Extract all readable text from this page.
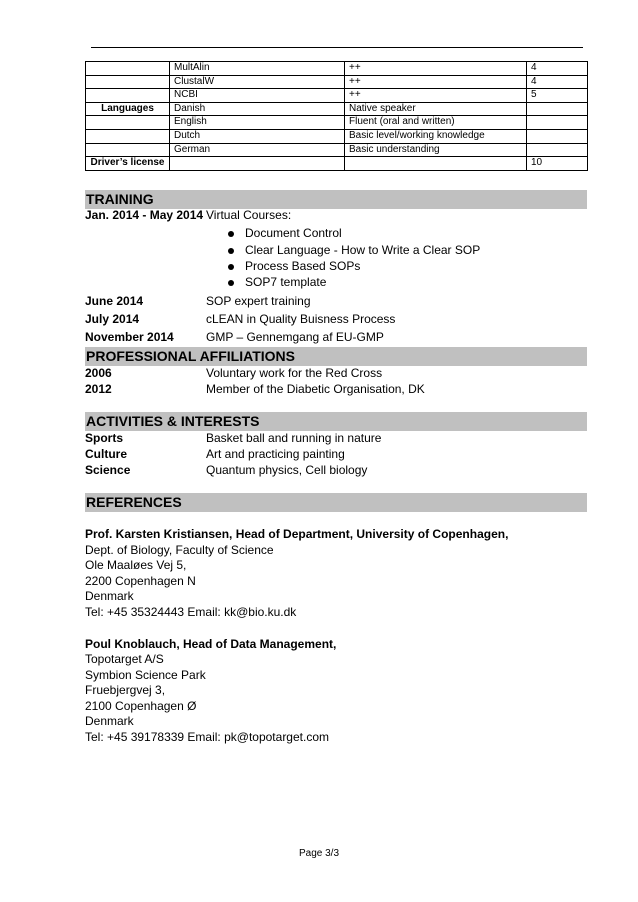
	MultAlin	++	4
	ClustalW	++	4
	NCBI	++	5
Languages	Danish	Native speaker	
	English	Fluent (oral and written)	
	Dutch	Basic level/working knowledge	
	German	Basic understanding	
Driver’s license			10
TRAINING
Jan. 2014 - May 2014 Virtual Courses:
Document Control
Clear Language - How to Write a Clear SOP
Process Based SOPs
SOP7 template
June 2014	SOP expert training
July 2014	cLEAN in Quality Buisness Process
November 2014	GMP – Gennemgang af EU-GMP
PROFESSIONAL AFFILIATIONS
2006	Voluntary work for the Red Cross
2012	Member of the Diabetic Organisation, DK
ACTIVITIES & INTERESTS
Sports	Basket ball and running in nature
Culture	Art and practicing painting
Science	Quantum physics, Cell biology
REFERENCES
Prof. Karsten Kristiansen, Head of Department, University of Copenhagen,
Dept. of Biology, Faculty of Science
Ole Maaløes Vej 5,
2200 Copenhagen N
Denmark
Tel: +45 35324443 Email: kk@bio.ku.dk
Poul Knoblauch, Head of Data Management,
Topotarget A/S
Symbion Science Park
Fruebjergvej 3,
2100 Copenhagen Ø
Denmark
Tel: +45 39178339 Email: pk@topotarget.com
Page 3/3
